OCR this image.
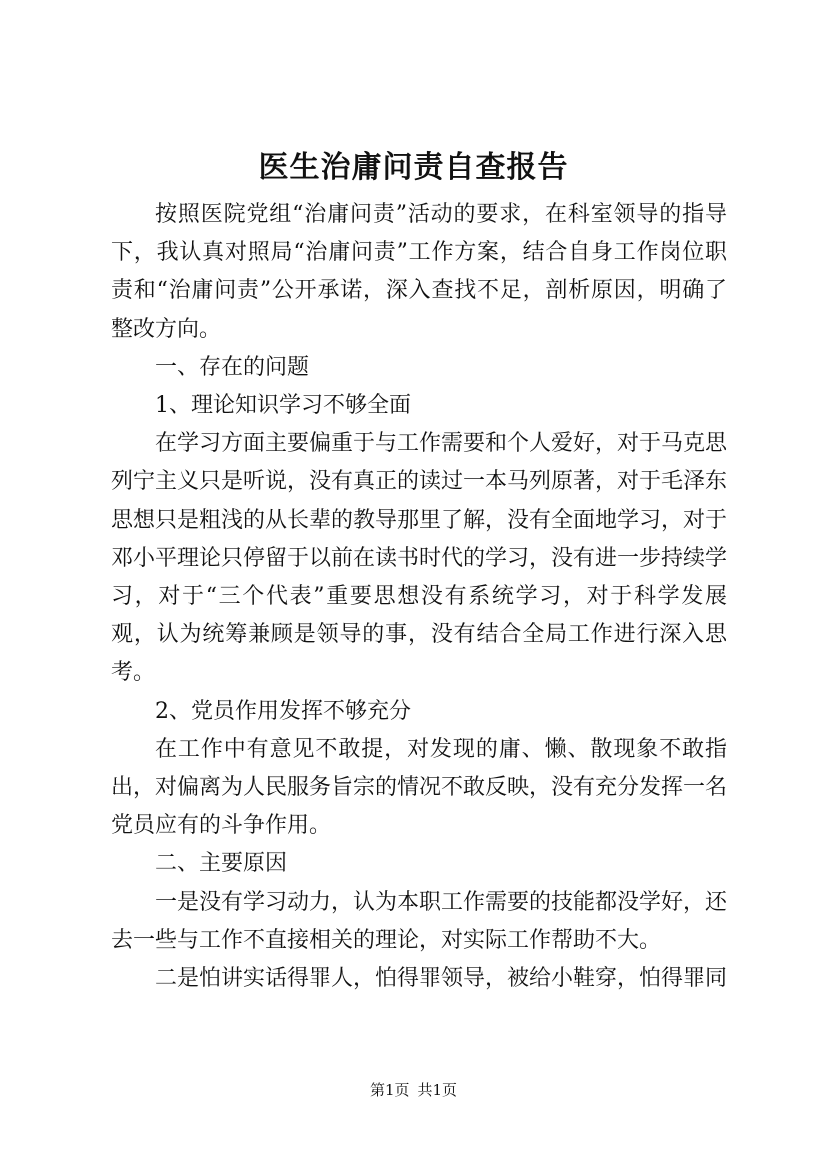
医生治庸问责自查报告

按照医院党组“治庸问责”活动的要求，在科室领导的指导下，我认真对照局“治庸问责”工作方案，结合自身工作岗位职责和“治庸问责”公开承诺，深入查找不足，剖析原因，明确了整改方向。

一、存在的问题

1、理论知识学习不够全面

在学习方面主要偏重于与工作需要和个人爱好，对于马克思列宁主义只是听说，没有真正的读过一本马列原著，对于毛泽东思想只是粗浅的从长辈的教导那里了解，没有全面地学习，对于邓小平理论只停留于以前在读书时代的学习，没有进一步持续学习，对于“三个代表”重要思想没有系统学习，对于科学发展观，认为统筹兼顾是领导的事，没有结合全局工作进行深入思考。

2、党员作用发挥不够充分

在工作中有意见不敢提，对发现的庸、懒、散现象不敢指出，对偏离为人民服务旨宗的情况不敢反映，没有充分发挥一名党员应有的斗争作用。

二、主要原因

一是没有学习动力，认为本职工作需要的技能都没学好，还去一些与工作不直接相关的理论，对实际工作帮助不大。

二是怕讲实话得罪人，怕得罪领导，被给小鞋穿，怕得罪同

第1页 共1页
